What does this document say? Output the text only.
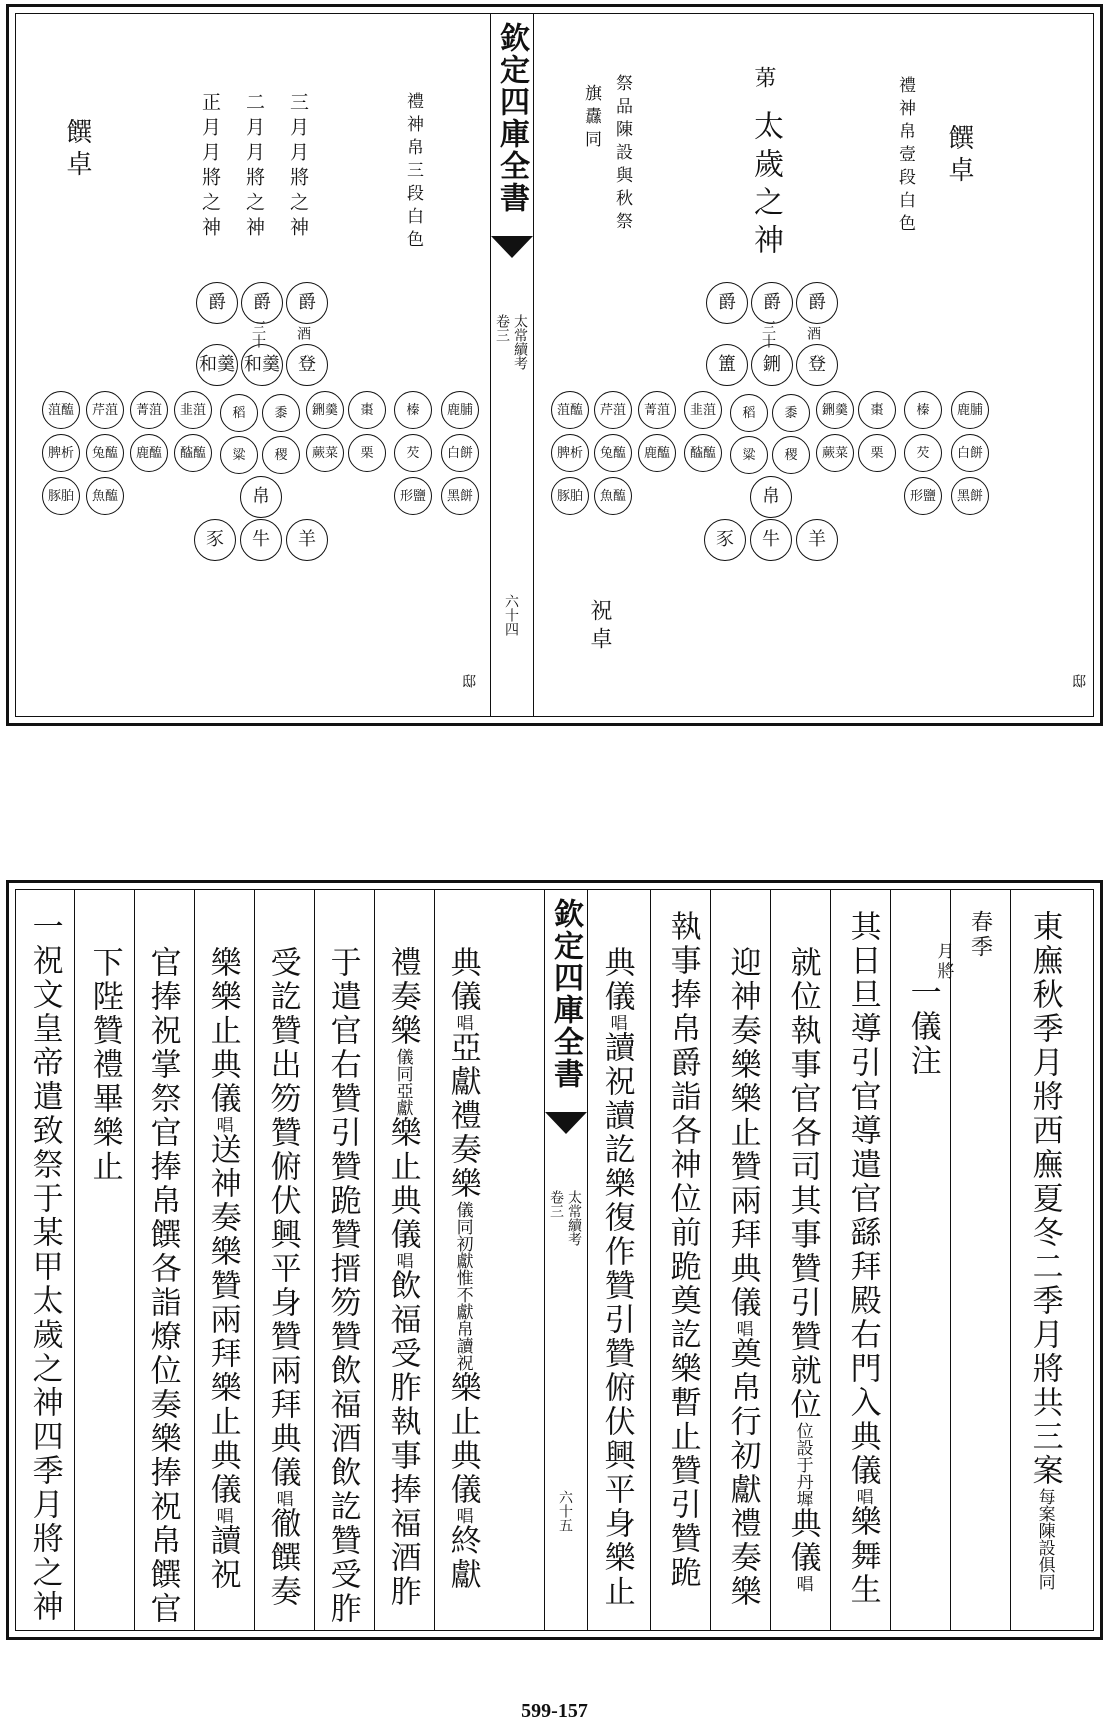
欽定四庫全書
太常續考
卷三
六十四
饌卓
禮神帛壹段白色
苐
太歲之神
祭品陳設與秋祭
旗纛同
爵
爵
爵
酒
三十
登
鉶
簠
鹿脯
榛
棗
鉶羹
黍
稻
韭菹
菁菹
芹菹
菹醢
白餅
芡
栗
蕨菜
稷
粱
醓醢
鹿醢
兔醢
脾析
黑餅
形鹽
魚醢
豚胉	帛
羊
牛
豕
祝卓
邸
饌卓	禮神帛三段白色
三月月將之神
二月月將之神
正月月將之神
爵
爵
爵
酒
三十
登
和羹
和羹
鹿脯
榛
棗
鉶羹
黍
稻
韭菹
菁菹
芹菹
菹醢
白餅
芡
栗
蕨菜
稷
粱
醓醢
鹿醢
兔醢
脾析
黑餅
形鹽
魚醢
豚胉	帛
羊
牛
豕
邸
欽定四庫全書
太常續考
卷三
六十五
東廡秋季月將西廡夏冬二季月將共三案每案陳設俱同
春季
月將
一儀注
其日旦導引官導遣官繇拜殿右門入典儀唱樂舞生
就位執事官各司其事贊引贊就位位設于丹墀典儀唱
迎神奏樂樂止贊兩拜典儀唱奠帛行初獻禮奏樂
執事捧帛爵詣各神位前跪奠訖樂暫止贊引贊跪
典儀唱讀祝讀訖樂復作贊引贊俯伏興平身樂止
典儀唱亞獻禮奏樂儀同初獻惟不獻帛讀祝樂止典儀唱終獻
禮奏樂儀同亞獻樂止典儀唱飲福受胙執事捧福酒胙
于遣官右贊引贊跪贊搢笏贊飲福酒飲訖贊受胙
受訖贊出笏贊俯伏興平身贊兩拜典儀唱徹饌奏
樂樂止典儀唱送神奏樂贊兩拜樂止典儀唱讀祝
官捧祝掌祭官捧帛饌各詣燎位奏樂捧祝帛饌官
下陛贊禮畢樂止
一祝文皇帝遣致祭于某甲太歲之神四季月將之神
599-157
